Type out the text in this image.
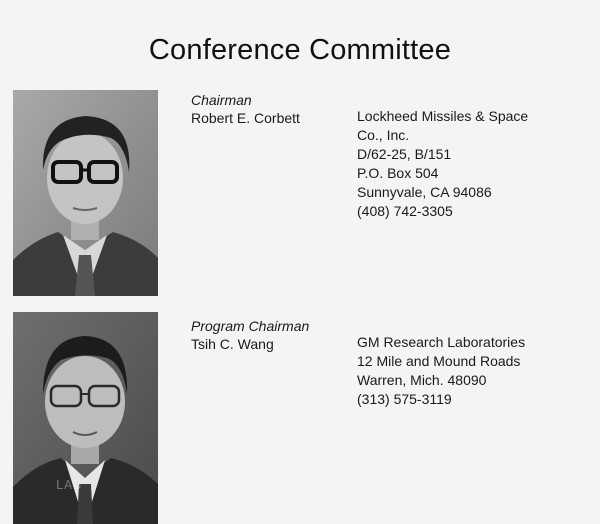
Conference Committee
Chairman
Robert E. Corbett	Lockheed Missiles & Space
Co., Inc.
D/62-25, B/151
P.O. Box 504
Sunnyvale, CA 94086
(408) 742-3305
Program Chairman
Tsih C. Wang	GM Research Laboratories
12 Mile and Mound Roads
Warren, Mich. 48090
(313) 575-3119
LAB
